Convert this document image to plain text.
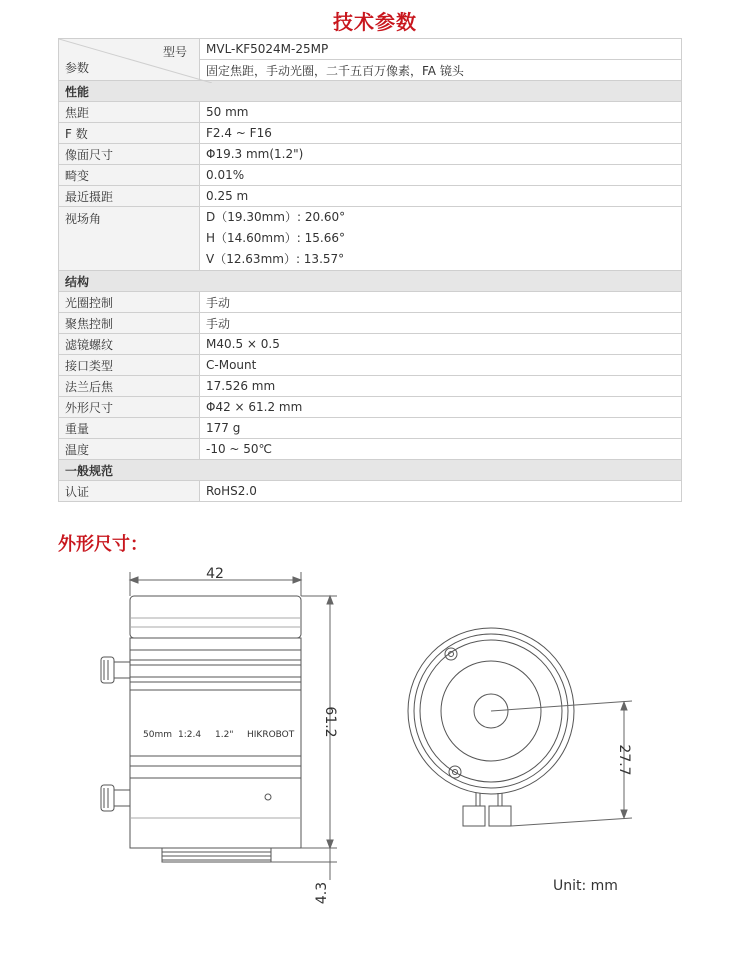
技术参数
型号
参数	MVL-KF5024M-25MP
	固定焦距，手动光圈，二千五百万像素，FA 镜头
性能	
焦距	50 mm
F 数	F2.4 ~ F16
像面尺寸	Φ19.3 mm(1.2")
畸变	0.01%
最近摄距	0.25 m
视场角	D（19.30mm）: 20.60°
H（14.60mm）: 15.66°
V（12.63mm）: 13.57°

结构	
光圈控制	手动
聚焦控制	手动
滤镜螺纹	M40.5 × 0.5
接口类型	C-Mount
法兰后焦	17.526 mm
外形尺寸	Φ42 × 61.2 mm
重量	177 g
温度	-10 ~ 50℃
一般规范	
认证	RoHS2.0
外形尺寸：
42
61.2
4.3
27.7
50mm 1:2.4 1.2" HIKROBOT
Unit: mm
